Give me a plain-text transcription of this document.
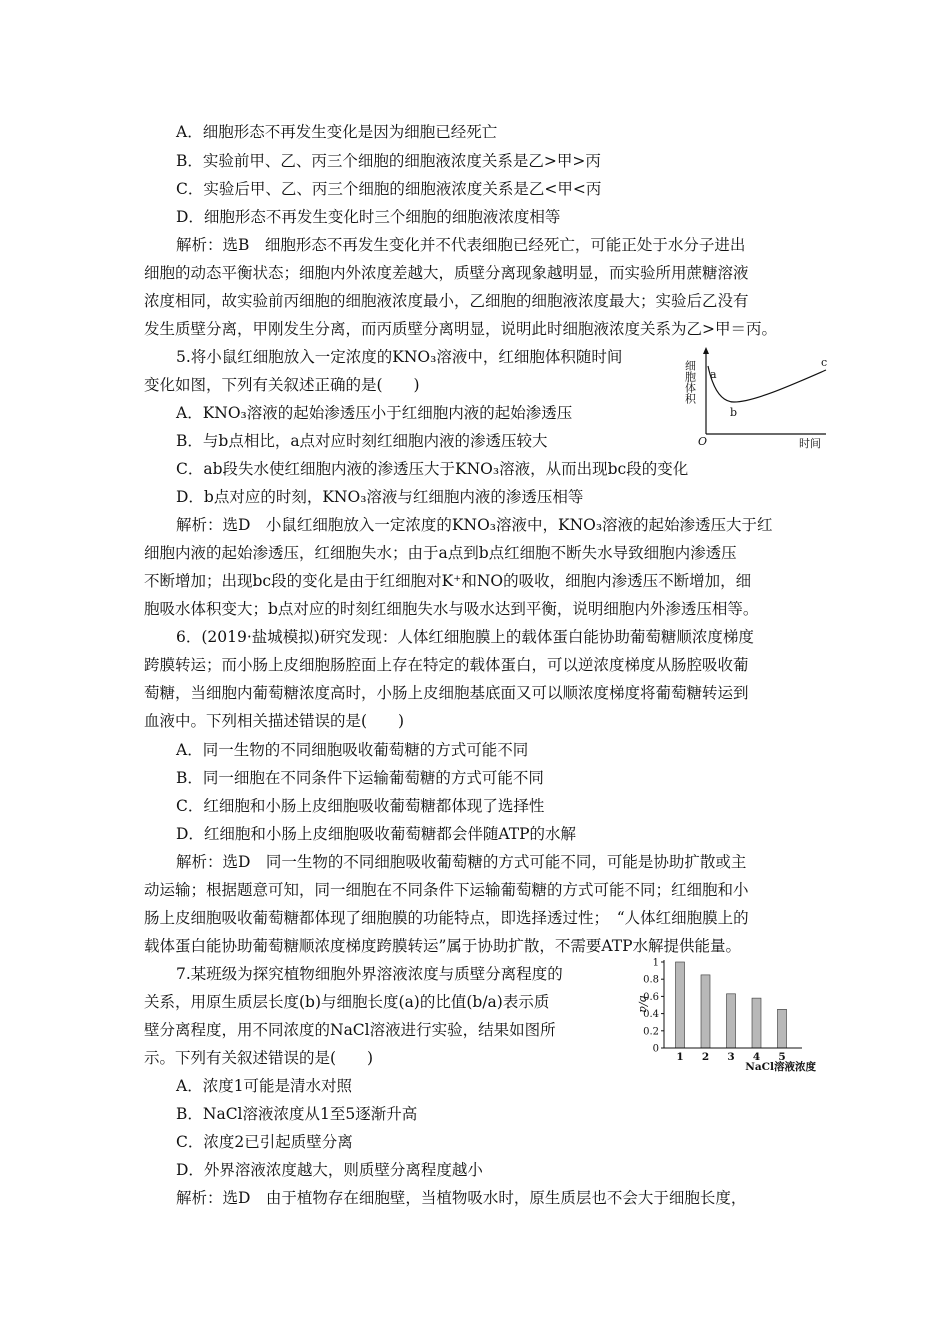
A．细胞形态不再发生变化是因为细胞已经死亡
B．实验前甲、乙、丙三个细胞的细胞液浓度关系是乙>甲>丙
C．实验后甲、乙、丙三个细胞的细胞液浓度关系是乙<甲<丙
D．细胞形态不再发生变化时三个细胞的细胞液浓度相等
解析：选B　细胞形态不再发生变化并不代表细胞已经死亡，可能正处于水分子进出
细胞的动态平衡状态；细胞内外浓度差越大，质壁分离现象越明显，而实验所用蔗糖溶液
浓度相同，故实验前丙细胞的细胞液浓度最小，乙细胞的细胞液浓度最大；实验后乙没有
发生质壁分离，甲刚发生分离，而丙质壁分离明显，说明此时细胞液浓度关系为乙>甲＝丙。
5.将小鼠红细胞放入一定浓度的KNO₃溶液中，红细胞体积随时间
变化如图，下列有关叙述正确的是(　　)
A．KNO₃溶液的起始渗透压小于红细胞内液的起始渗透压
B．与b点相比，a点对应时刻红细胞内液的渗透压较大
C．ab段失水使红细胞内液的渗透压大于KNO₃溶液，从而出现bc段的变化
D．b点对应的时刻，KNO₃溶液与红细胞内液的渗透压相等
解析：选D　小鼠红细胞放入一定浓度的KNO₃溶液中，KNO₃溶液的起始渗透压大于红
细胞内液的起始渗透压，红细胞失水；由于a点到b点红细胞不断失水导致细胞内渗透压
不断增加；出现bc段的变化是由于红细胞对K⁺和NO的吸收，细胞内渗透压不断增加，细
胞吸水体积变大；b点对应的时刻红细胞失水与吸水达到平衡，说明细胞内外渗透压相等。
细胞体积 a
b
c
O	时间
6．(2019·盐城模拟)研究发现：人体红细胞膜上的载体蛋白能协助葡萄糖顺浓度梯度
跨膜转运；而小肠上皮细胞肠腔面上存在特定的载体蛋白，可以逆浓度梯度从肠腔吸收葡
萄糖，当细胞内葡萄糖浓度高时，小肠上皮细胞基底面又可以顺浓度梯度将葡萄糖转运到
血液中。下列相关描述错误的是(　　)
A．同一生物的不同细胞吸收葡萄糖的方式可能不同
B．同一细胞在不同条件下运输葡萄糖的方式可能不同
C．红细胞和小肠上皮细胞吸收葡萄糖都体现了选择性
D．红细胞和小肠上皮细胞吸收葡萄糖都会伴随ATP的水解
解析：选D　同一生物的不同细胞吸收葡萄糖的方式可能不同，可能是协助扩散或主
动运输；根据题意可知，同一细胞在不同条件下运输葡萄糖的方式可能不同；红细胞和小
肠上皮细胞吸收葡萄糖都体现了细胞膜的功能特点，即选择透过性；　“人体红细胞膜上的
载体蛋白能协助葡萄糖顺浓度梯度跨膜转运”属于协助扩散，不需要ATP水解提供能量。
7.某班级为探究植物细胞外界溶液浓度与质壁分离程度的
关系，用原生质层长度(b)与细胞长度(a)的比值(b/a)表示质
壁分离程度，用不同浓度的NaCl溶液进行实验，结果如图所
示。下列有关叙述错误的是(　　)
A．浓度1可能是清水对照
B．NaCl溶液浓度从1至5逐渐升高
C．浓度2已引起质壁分离
D．外界溶液浓度越大，则质壁分离程度越小
解析：选D　由于植物存在细胞壁，当植物吸水时，原生质层也不会大于细胞长度，
0
0.2
0.4
0.6
0.8
1
1 2 3 4 5
b/a
NaCl溶液浓度
